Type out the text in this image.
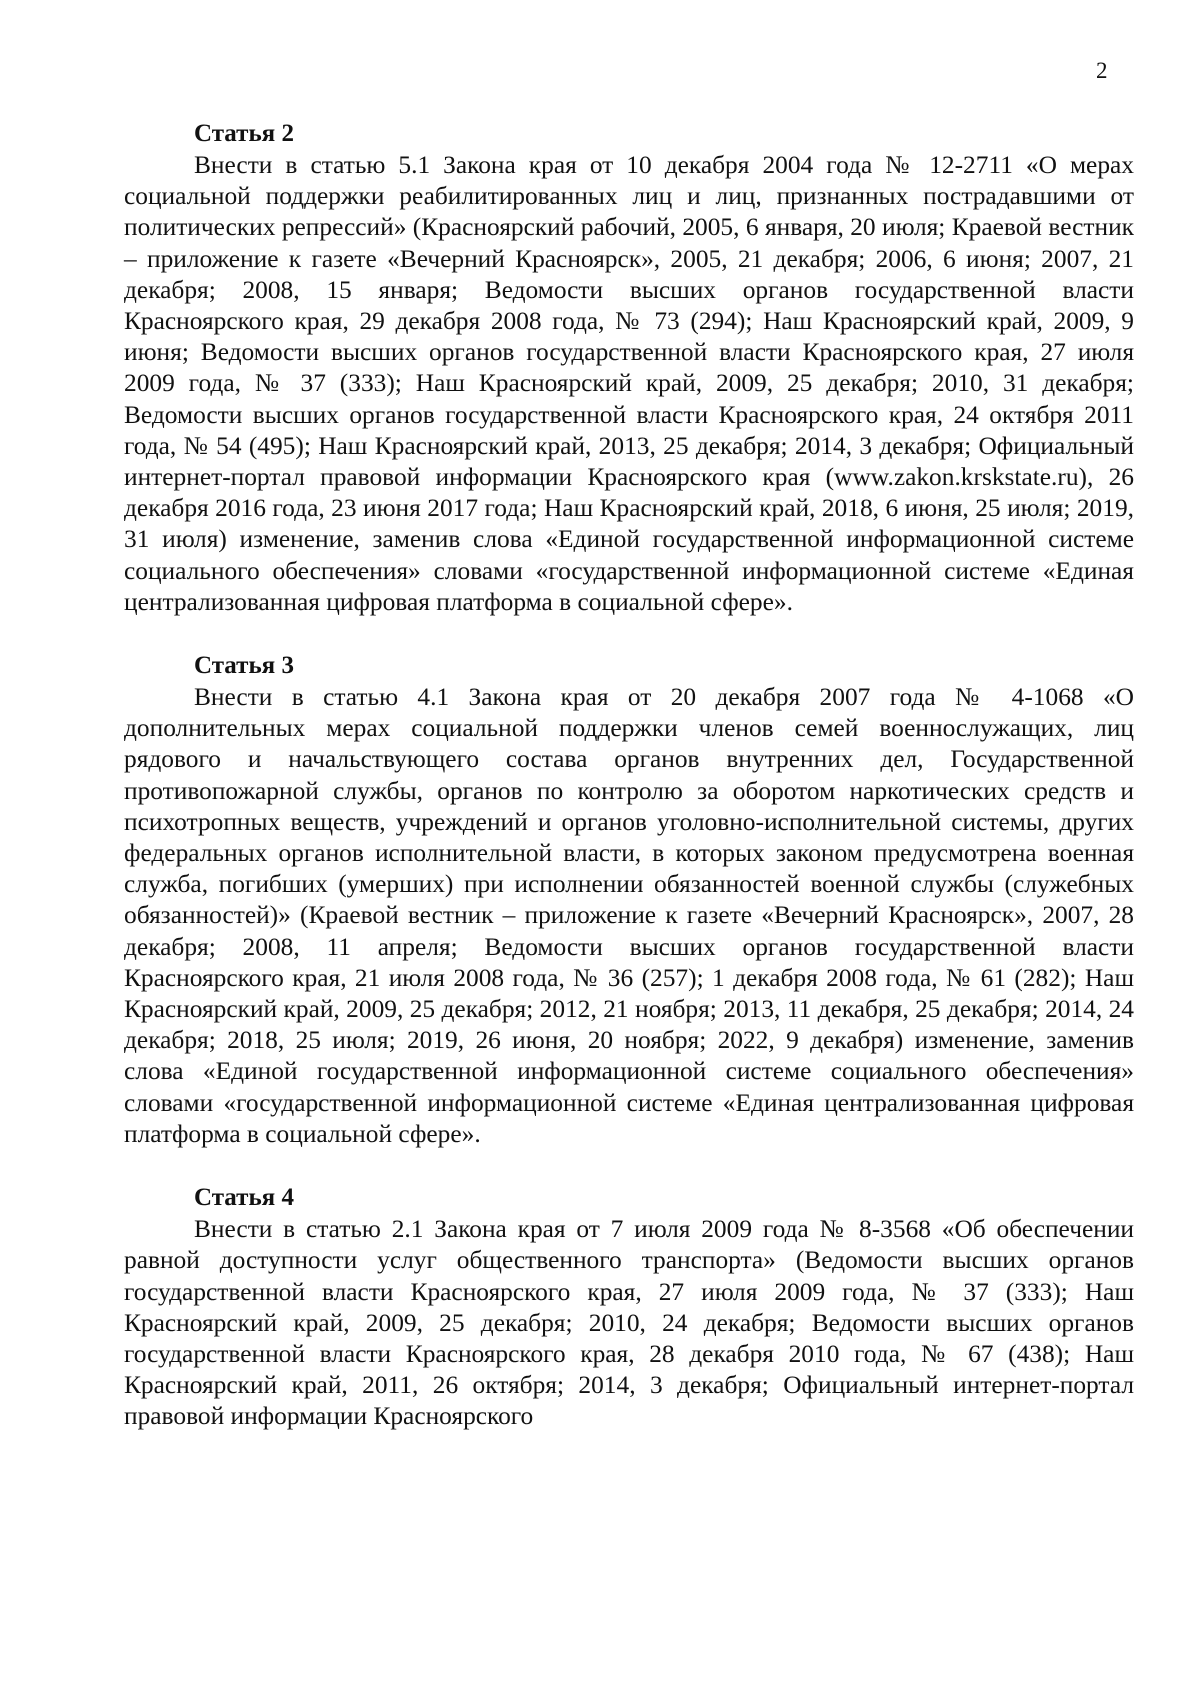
2
Статья 2

Внести в статью 5.1 Закона края от 10 декабря 2004 года № 12-2711 «О мерах социальной поддержки реабилитированных лиц и лиц, признанных пострадавшими от политических репрессий» (Красноярский рабочий, 2005, 6 января, 20 июля; Краевой вестник – приложение к газете «Вечерний Красноярск», 2005, 21 декабря; 2006, 6 июня; 2007, 21 декабря; 2008, 15 января; Ведомости высших органов государственной власти Красноярского края, 29 декабря 2008 года, № 73 (294); Наш Красноярский край, 2009, 9 июня; Ведомости высших органов государственной власти Красноярского края, 27 июля 2009 года, № 37 (333); Наш Красноярский край, 2009, 25 декабря; 2010, 31 декабря; Ведомости высших органов государственной власти Красноярского края, 24 октября 2011 года, № 54 (495); Наш Красноярский край, 2013, 25 декабря; 2014, 3 декабря; Официальный интернет-портал правовой информации Красноярского края (www.zakon.krskstate.ru), 26 декабря 2016 года, 23 июня 2017 года; Наш Красноярский край, 2018, 6 июня, 25 июля; 2019, 31 июля) изменение, заменив слова «Единой государственной информационной системе социального обеспечения» словами «государственной информационной системе «Единая централизованная цифровая платформа в социальной сфере».

Статья 3

Внести в статью 4.1 Закона края от 20 декабря 2007 года № 4-1068 «О дополнительных мерах социальной поддержки членов семей военнослужащих, лиц рядового и начальствующего состава органов внутренних дел, Государственной противопожарной службы, органов по контролю за оборотом наркотических средств и психотропных веществ, учреждений и органов уголовно-исполнительной системы, других федеральных органов исполнительной власти, в которых законом предусмотрена военная служба, погибших (умерших) при исполнении обязанностей военной службы (служебных обязанностей)» (Краевой вестник – приложение к газете «Вечерний Красноярск», 2007, 28 декабря; 2008, 11 апреля; Ведомости высших органов государственной власти Красноярского края, 21 июля 2008 года, № 36 (257); 1 декабря 2008 года, № 61 (282); Наш Красноярский край, 2009, 25 декабря; 2012, 21 ноября; 2013, 11 декабря, 25 декабря; 2014, 24 декабря; 2018, 25 июля; 2019, 26 июня, 20 ноября; 2022, 9 декабря) изменение, заменив слова «Единой государственной информационной системе социального обеспечения» словами «государственной информационной системе «Единая централизованная цифровая платформа в социальной сфере».

Статья 4

Внести в статью 2.1 Закона края от 7 июля 2009 года № 8-3568 «Об обеспечении равной доступности услуг общественного транспорта» (Ведомости высших органов государственной власти Красноярского края, 27 июля 2009 года, № 37 (333); Наш Красноярский край, 2009, 25 декабря; 2010, 24 декабря; Ведомости высших органов государственной власти Красноярского края, 28 декабря 2010 года, № 67 (438); Наш Красноярский край, 2011, 26 октября; 2014, 3 декабря; Официальный интернет-портал правовой информации Красноярского
